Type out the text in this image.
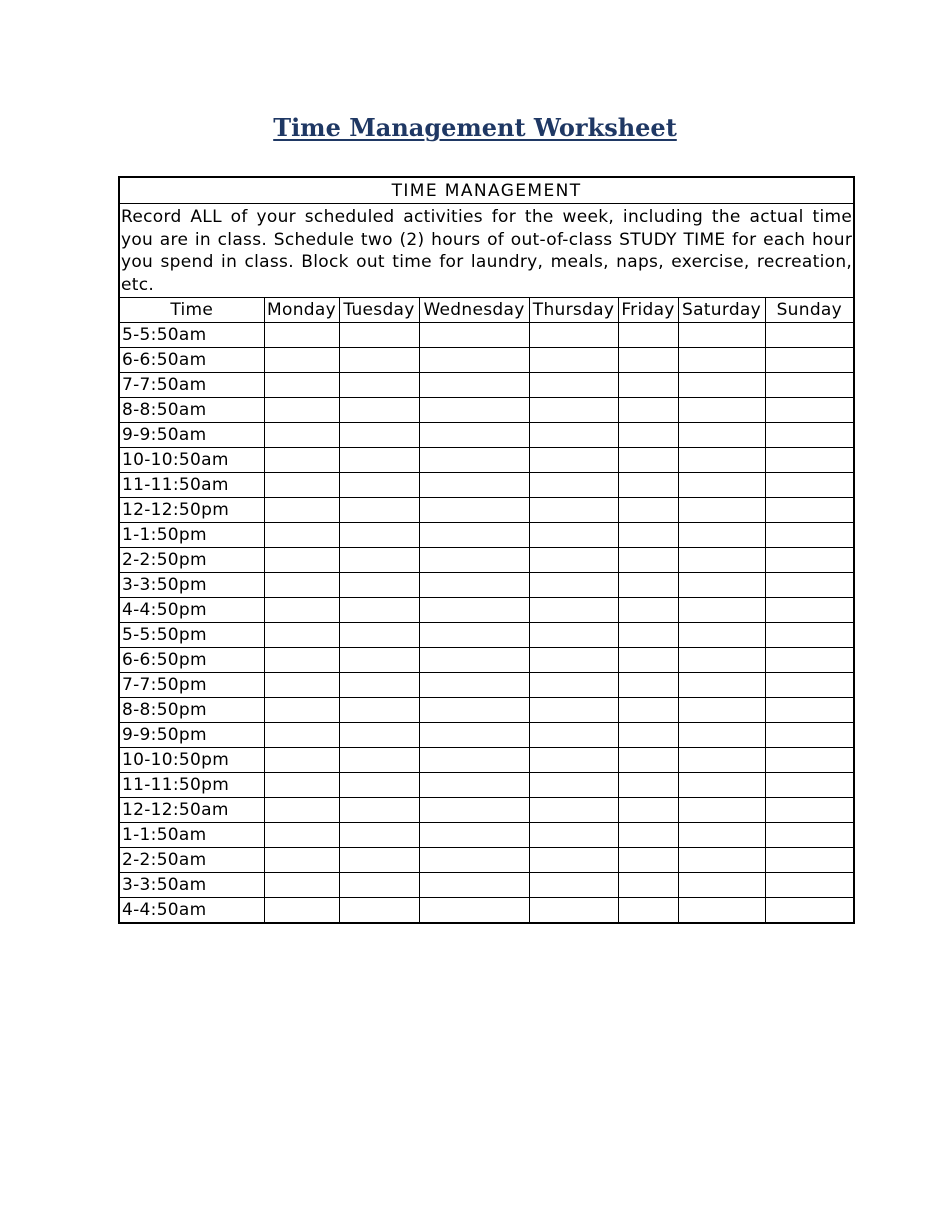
Time Management Worksheet
TIME MANAGEMENT							
Record ALL of your scheduled activities for the week, including the actual time you are in class. Schedule two (2) hours of out-of-class STUDY TIME for each hour you spend in class. Block out time for laundry, meals, naps, exercise, recreation, etc.							
Time	Monday	Tuesday	Wednesday	Thursday	Friday	Saturday	Sunday
5-5:50am							
6-6:50am							
7-7:50am							
8-8:50am							
9-9:50am							
10-10:50am							
11-11:50am							
12-12:50pm							
1-1:50pm							
2-2:50pm							
3-3:50pm							
4-4:50pm							
5-5:50pm							
6-6:50pm							
7-7:50pm							
8-8:50pm							
9-9:50pm							
10-10:50pm							
11-11:50pm							
12-12:50am							
1-1:50am							
2-2:50am							
3-3:50am							
4-4:50am							
